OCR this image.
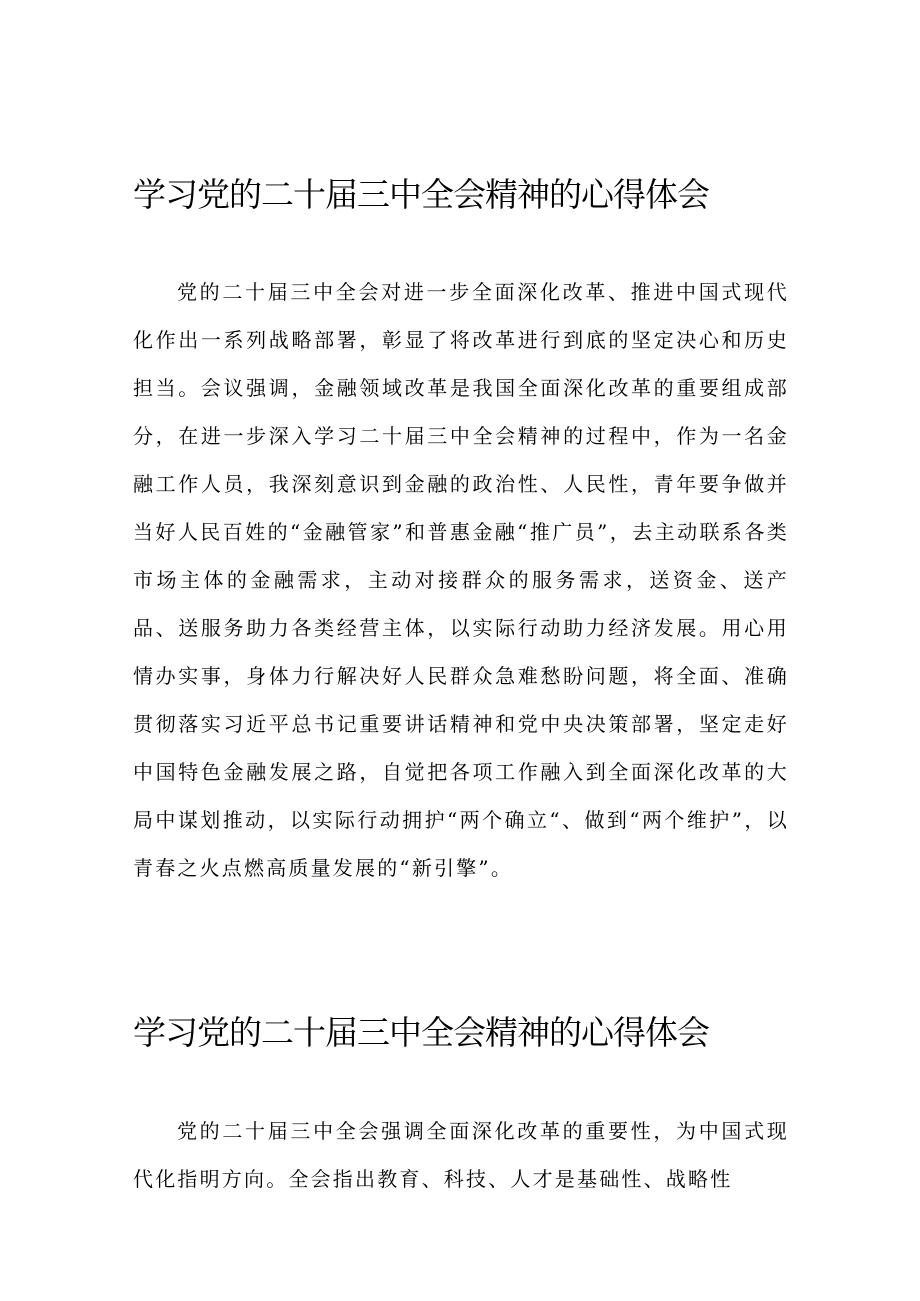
学习党的二十届三中全会精神的心得体会

党的二十届三中全会对进一步全面深化改革、推进中国式现代化作出一系列战略部署，彰显了将改革进行到底的坚定决心和历史担当。会议强调，金融领域改革是我国全面深化改革的重要组成部分，在进一步深入学习二十届三中全会精神的过程中，作为一名金融工作人员，我深刻意识到金融的政治性、人民性，青年要争做并当好人民百姓的“金融管家”和普惠金融“推广员”，去主动联系各类市场主体的金融需求，主动对接群众的服务需求，送资金、送产品、送服务助力各类经营主体，以实际行动助力经济发展。用心用情办实事，身体力行解决好人民群众急难愁盼问题，将全面、准确贯彻落实习近平总书记重要讲话精神和党中央决策部署，坚定走好中国特色金融发展之路，自觉把各项工作融入到全面深化改革的大局中谋划推动，以实际行动拥护“两个确立“、做到“两个维护”，以青春之火点燃高质量发展的“新引擎”。

学习党的二十届三中全会精神的心得体会

党的二十届三中全会强调全面深化改革的重要性，为中国式现代化指明方向。全会指出教育、科技、人才是基础性、战略性
